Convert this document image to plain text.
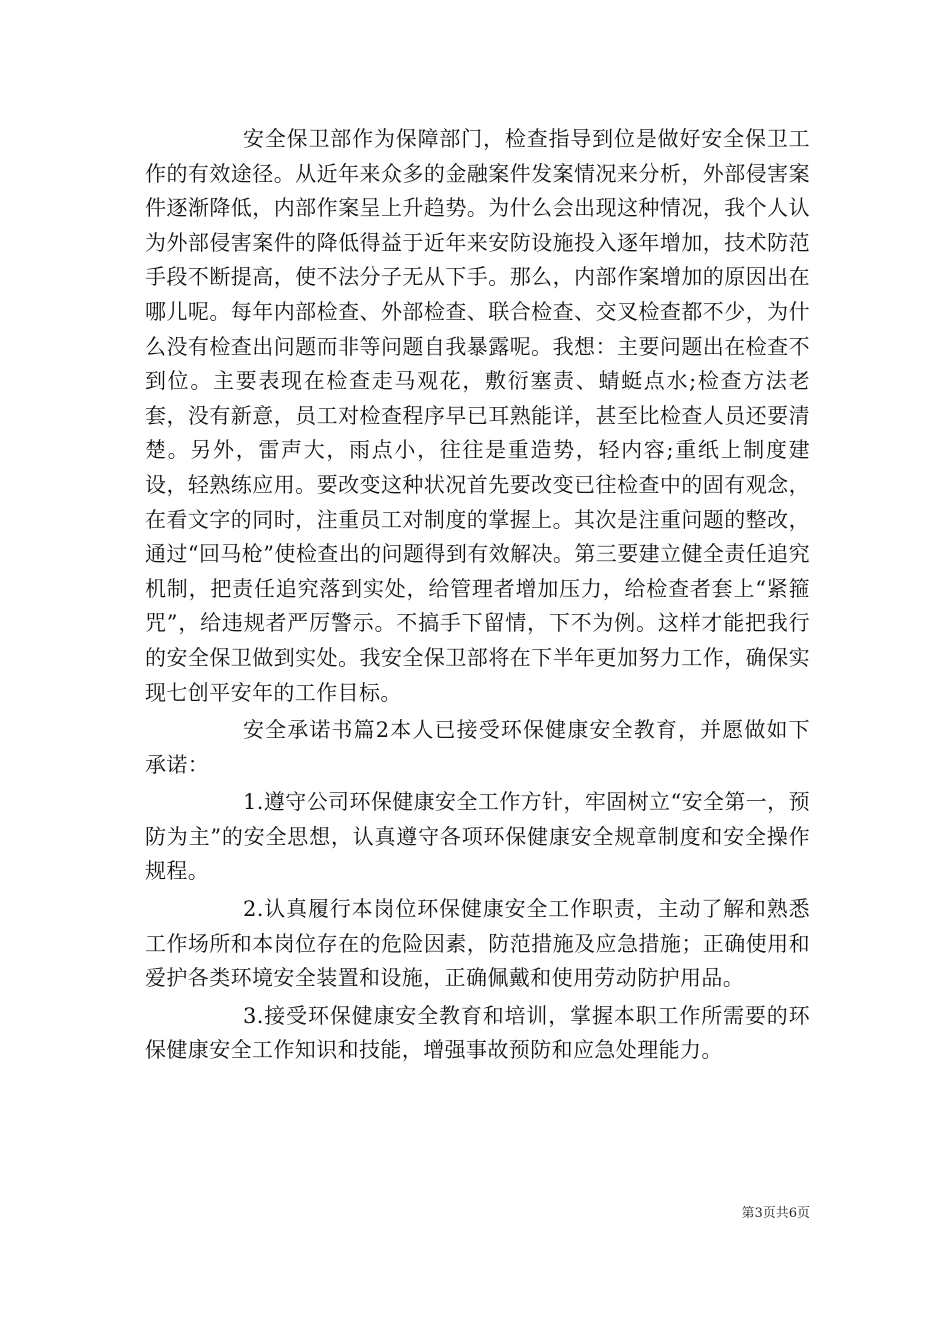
安全保卫部作为保障部门，检查指导到位是做好安全保卫工作的有效途径。从近年来众多的金融案件发案情况来分析，外部侵害案件逐渐降低，内部作案呈上升趋势。为什么会出现这种情况，我个人认为外部侵害案件的降低得益于近年来安防设施投入逐年增加，技术防范手段不断提高，使不法分子无从下手。那么，内部作案增加的原因出在哪儿呢。每年内部检查、外部检查、联合检查、交叉检查都不少，为什么没有检查出问题而非等问题自我暴露呢。我想：主要问题出在检查不到位。主要表现在检查走马观花，敷衍塞责、蜻蜓点水;检查方法老套，没有新意，员工对检查程序早已耳熟能详，甚至比检查人员还要清楚。另外，雷声大，雨点小，往往是重造势，轻内容;重纸上制度建设，轻熟练应用。要改变这种状况首先要改变已往检查中的固有观念，在看文字的同时，注重员工对制度的掌握上。其次是注重问题的整改，通过“回马枪”使检查出的问题得到有效解决。第三要建立健全责任追究机制，把责任追究落到实处，给管理者增加压力，给检查者套上“紧箍咒”，给违规者严厉警示。不搞手下留情，下不为例。这样才能把我行的安全保卫做到实处。我安全保卫部将在下半年更加努力工作，确保实现七创平安年的工作目标。

安全承诺书篇2本人已接受环保健康安全教育，并愿做如下承诺：

1.遵守公司环保健康安全工作方针，牢固树立“安全第一，预防为主”的安全思想，认真遵守各项环保健康安全规章制度和安全操作规程。

2.认真履行本岗位环保健康安全工作职责，主动了解和熟悉工作场所和本岗位存在的危险因素，防范措施及应急措施；正确使用和爱护各类环境安全装置和设施，正确佩戴和使用劳动防护用品。

3.接受环保健康安全教育和培训，掌握本职工作所需要的环保健康安全工作知识和技能，增强事故预防和应急处理能力。

第3页共6页
